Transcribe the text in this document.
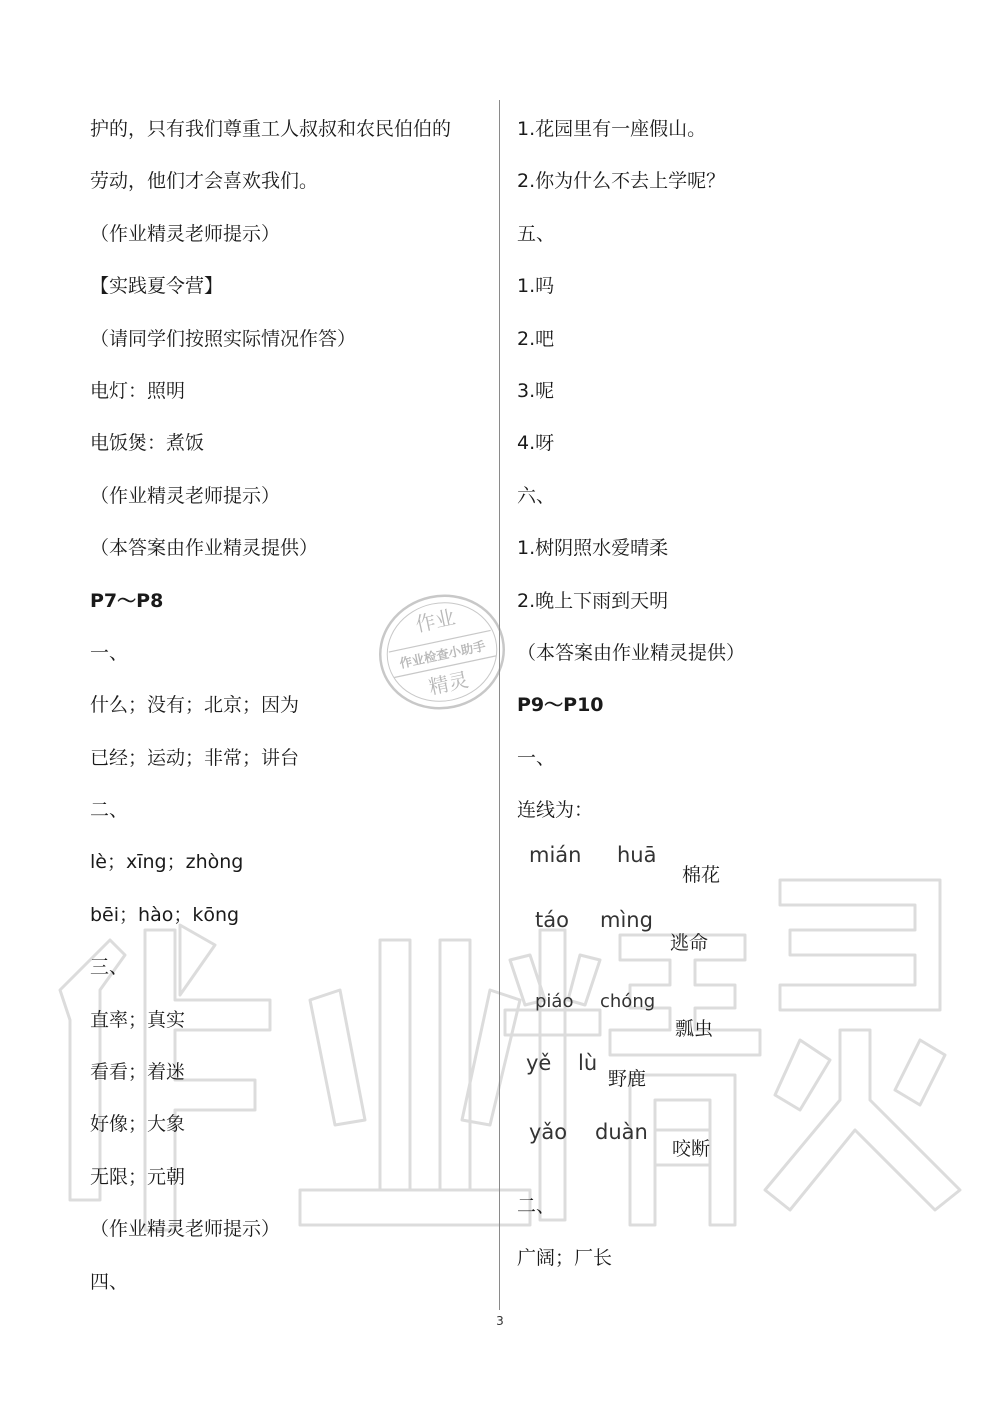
作业
作业检查小助手
精灵
护的，只有我们尊重工人叔叔和农民伯伯的
劳动，他们才会喜欢我们。
（作业精灵老师提示）
【实践夏令营】
（请同学们按照实际情况作答）
电灯：照明
电饭煲：煮饭
（作业精灵老师提示）
（本答案由作业精灵提供）
P7～P8
一、
什么；没有；北京；因为
已经；运动；非常；讲台
二、
lè；xīng；zhòng
bēi；hào；kōng
三、
直率；真实
看看；着迷
好像；大象
无限；元朝
（作业精灵老师提示）
四、
1.花园里有一座假山。
2.你为什么不去上学呢？
五、
1.吗
2.吧
3.呢
4.呀
六、
1.树阴照水爱晴柔
2.晚上下雨到天明
（本答案由作业精灵提供）
P9～P10
一、
连线为：
mián huā
棉花
táo mìng
逃命
piáo chóng
瓢虫
yě lù
野鹿
yǎo duàn
咬断
二、
广阔；厂长
3
